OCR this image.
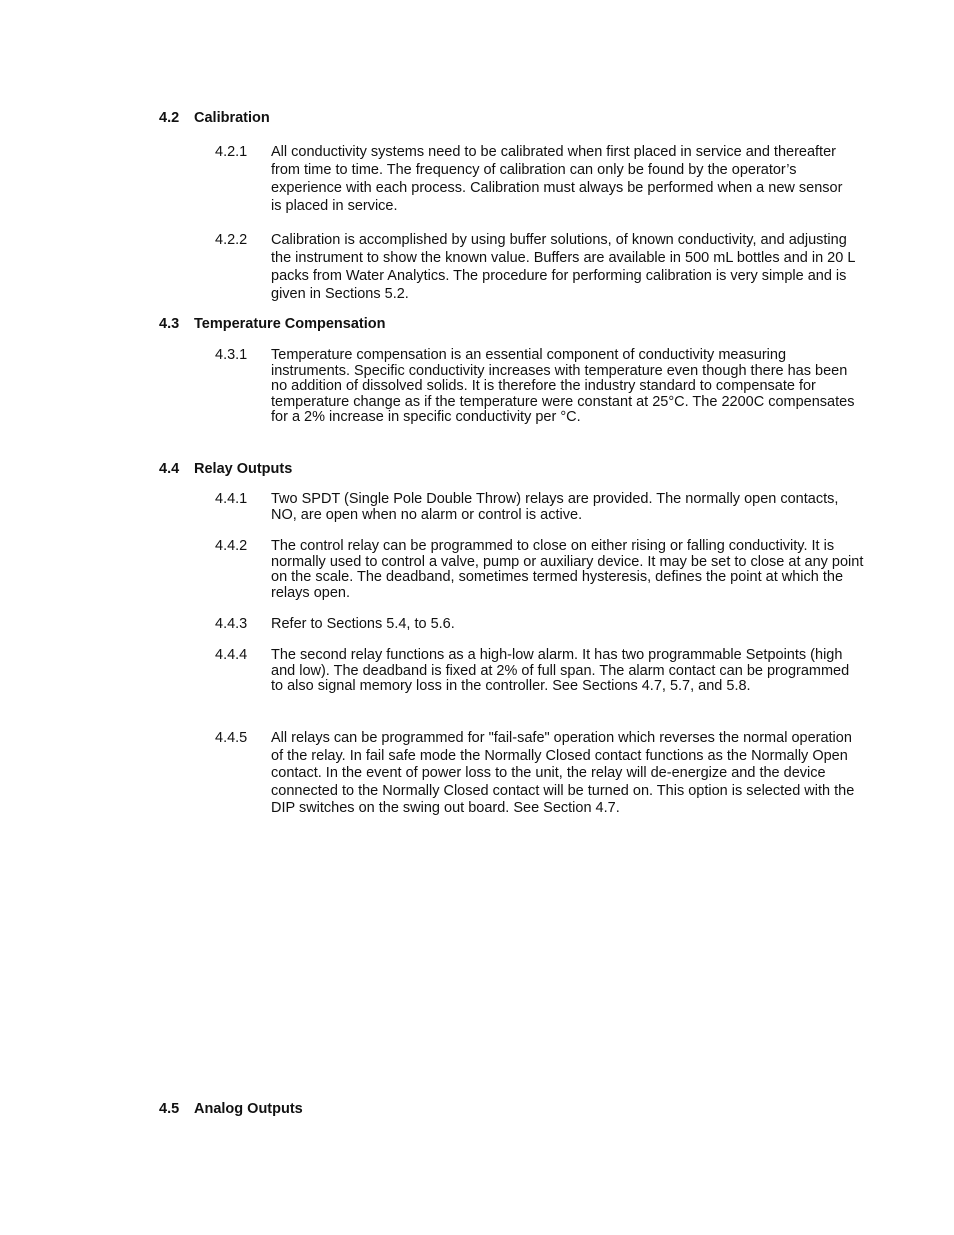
4.2 Calibration
4.2.1 All conductivity systems need to be calibrated when first placed in service and thereafter from time to time. The frequency of calibration can only be found by the operator’s experience with each process. Calibration must always be performed when a new sensor is placed in service.
4.2.2 Calibration is accomplished by using buffer solutions, of known conductivity, and adjusting the instrument to show the known value. Buffers are available in 500 mL bottles and in 20 L packs from Water Analytics. The procedure for performing calibration is very simple and is given in Sections 5.2.
4.3 Temperature Compensation
4.3.1 Temperature compensation is an essential component of conductivity measuring instruments. Specific conductivity increases with temperature even though there has been no addition of dissolved solids. It is therefore the industry standard to compensate for temperature change as if the temperature were constant at 25°C. The 2200C compensates for a 2% increase in specific conductivity per °C.
4.4 Relay Outputs
4.4.1 Two SPDT (Single Pole Double Throw) relays are provided. The normally open contacts, NO, are open when no alarm or control is active.
4.4.2 The control relay can be programmed to close on either rising or falling conductivity. It is normally used to control a valve, pump or auxiliary device. It may be set to close at any point on the scale. The deadband, sometimes termed hysteresis, defines the point at which the relays open.
4.4.3 Refer to Sections 5.4, to 5.6.
4.4.4 The second relay functions as a high-low alarm. It has two programmable Setpoints (high and low). The deadband is fixed at 2% of full span. The alarm contact can be programmed to also signal memory loss in the controller. See Sections 4.7, 5.7, and 5.8.
4.4.5 All relays can be programmed for "fail-safe" operation which reverses the normal operation of the relay. In fail safe mode the Normally Closed contact functions as the Normally Open contact. In the event of power loss to the unit, the relay will de-energize and the device connected to the Normally Closed contact will be turned on. This option is selected with the DIP switches on the swing out board. See Section 4.7.
4.5 Analog Outputs
